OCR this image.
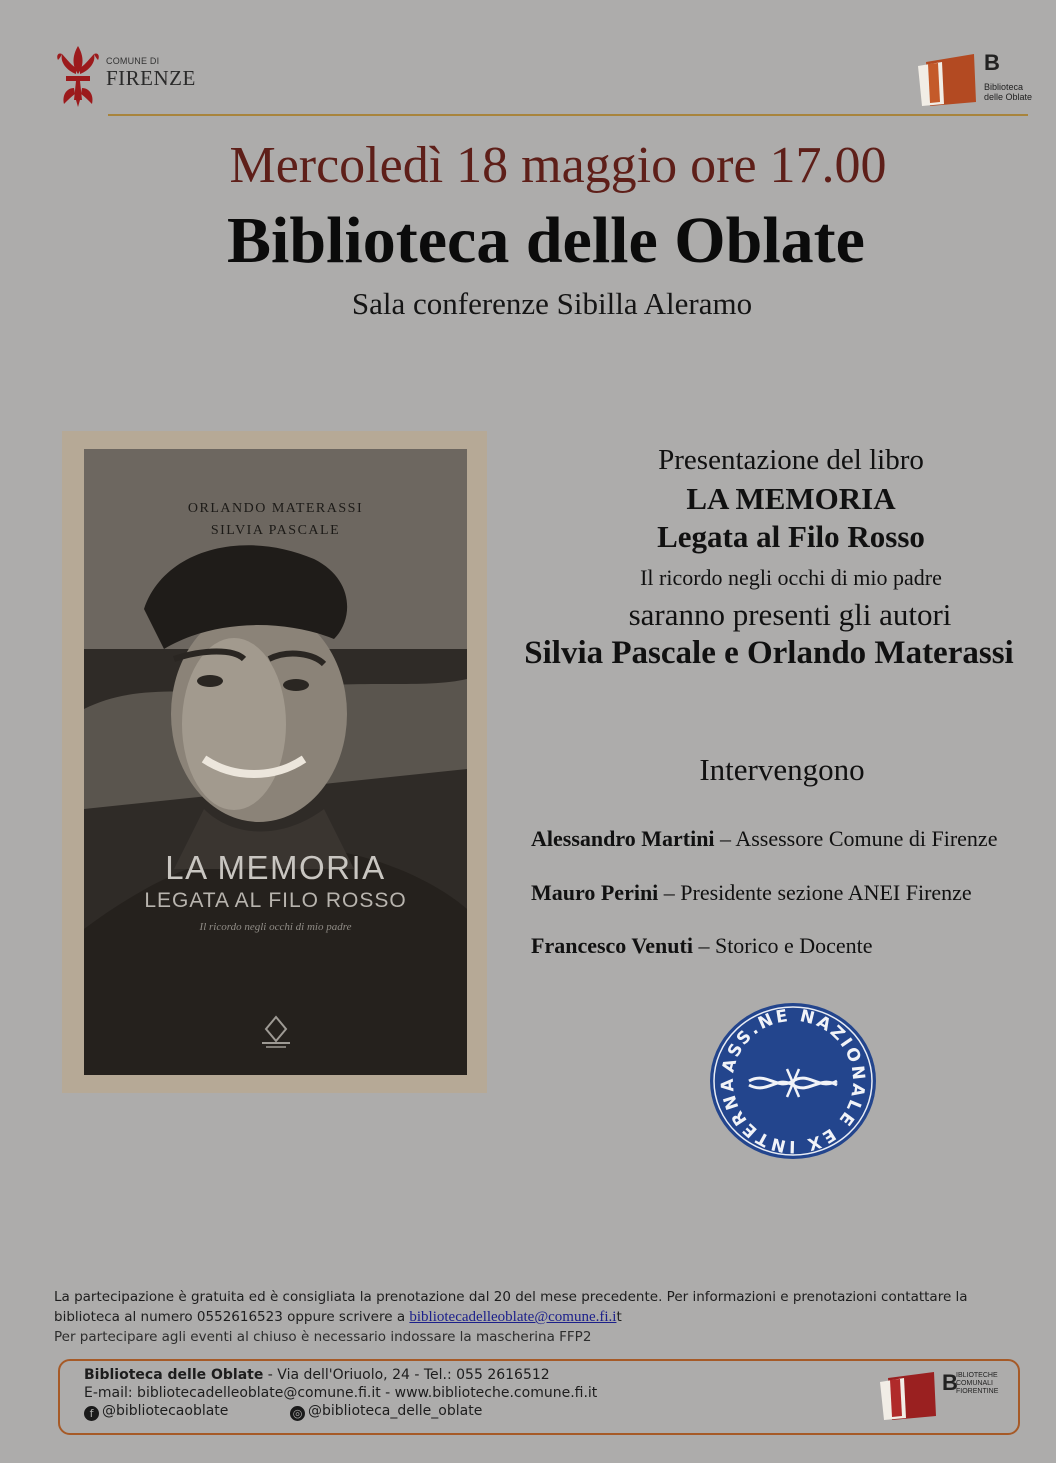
COMUNE DI
FIRENZE
B
Biblioteca
delle Oblate
Mercoledì 18 maggio ore 17.00
Biblioteca delle Oblate
Sala conferenze Sibilla Aleramo
ORLANDO MATERASSI
SILVIA PASCALE
LA MEMORIA
LEGATA AL FILO ROSSO
Il ricordo negli occhi di mio padre
Presentazione del libro
LA MEMORIA
Legata al Filo Rosso
Il ricordo negli occhi di mio padre
saranno presenti gli autori
Silvia Pascale e Orlando Materassi
Intervengono
Alessandro Martini – Assessore Comune di Firenze
Mauro Perini – Presidente sezione ANEI Firenze
Francesco Venuti – Storico e Docente
ASS.NE NAZIONALE EX INTERNA
La partecipazione è gratuita ed è consigliata la prenotazione dal 20 del mese precedente. Per informazioni e prenotazioni contattare la
biblioteca al numero 0552616523 oppure scrivere a bibliotecadelleoblate@comune.fi.it
Per partecipare agli eventi al chiuso è necessario indossare la mascherina FFP2
Biblioteca delle Oblate - Via dell'Oriuolo, 24 - Tel.: 055 2616512
E-mail: bibliotecadelleoblate@comune.fi.it - www.biblioteche.comune.fi.it
f @bibliotecaoblate	◎ @biblioteca_delle_oblate
B
IBLIOTECHE
COMUNALI
FIORENTINE
